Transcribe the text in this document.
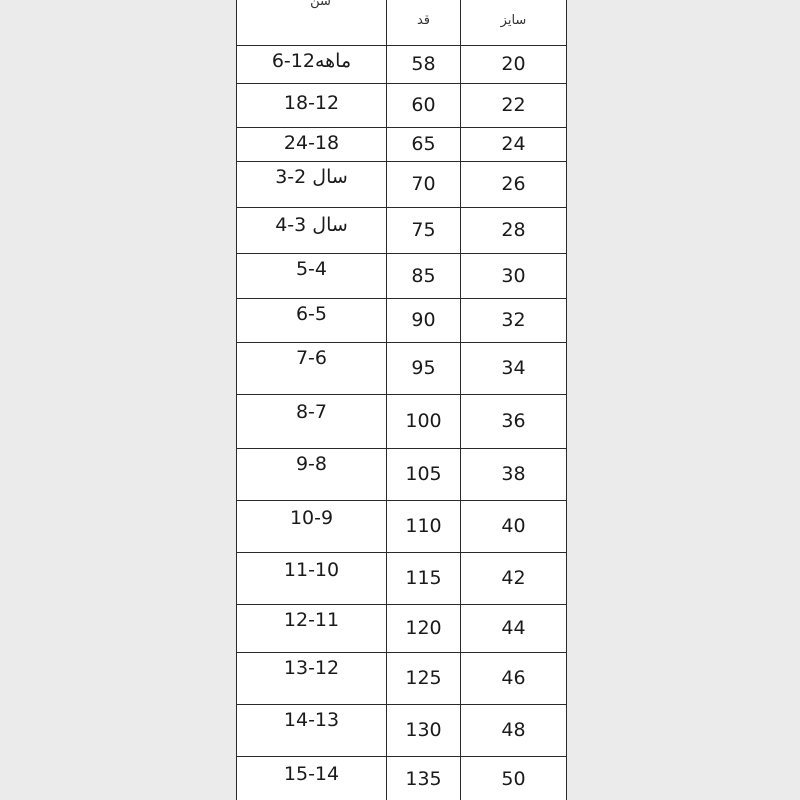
سن	قد	سایز
6-12ماهه	58	20
18-12	60	22
24-18	65	24
3-2 سال	70	26
4-3 سال	75	28
5-4	85	30
6-5	90	32
7-6	95	34
8-7	100	36
9-8	105	38
10-9	110	40
11-10	115	42
12-11	120	44
13-12	125	46
14-13	130	48
15-14	135	50
